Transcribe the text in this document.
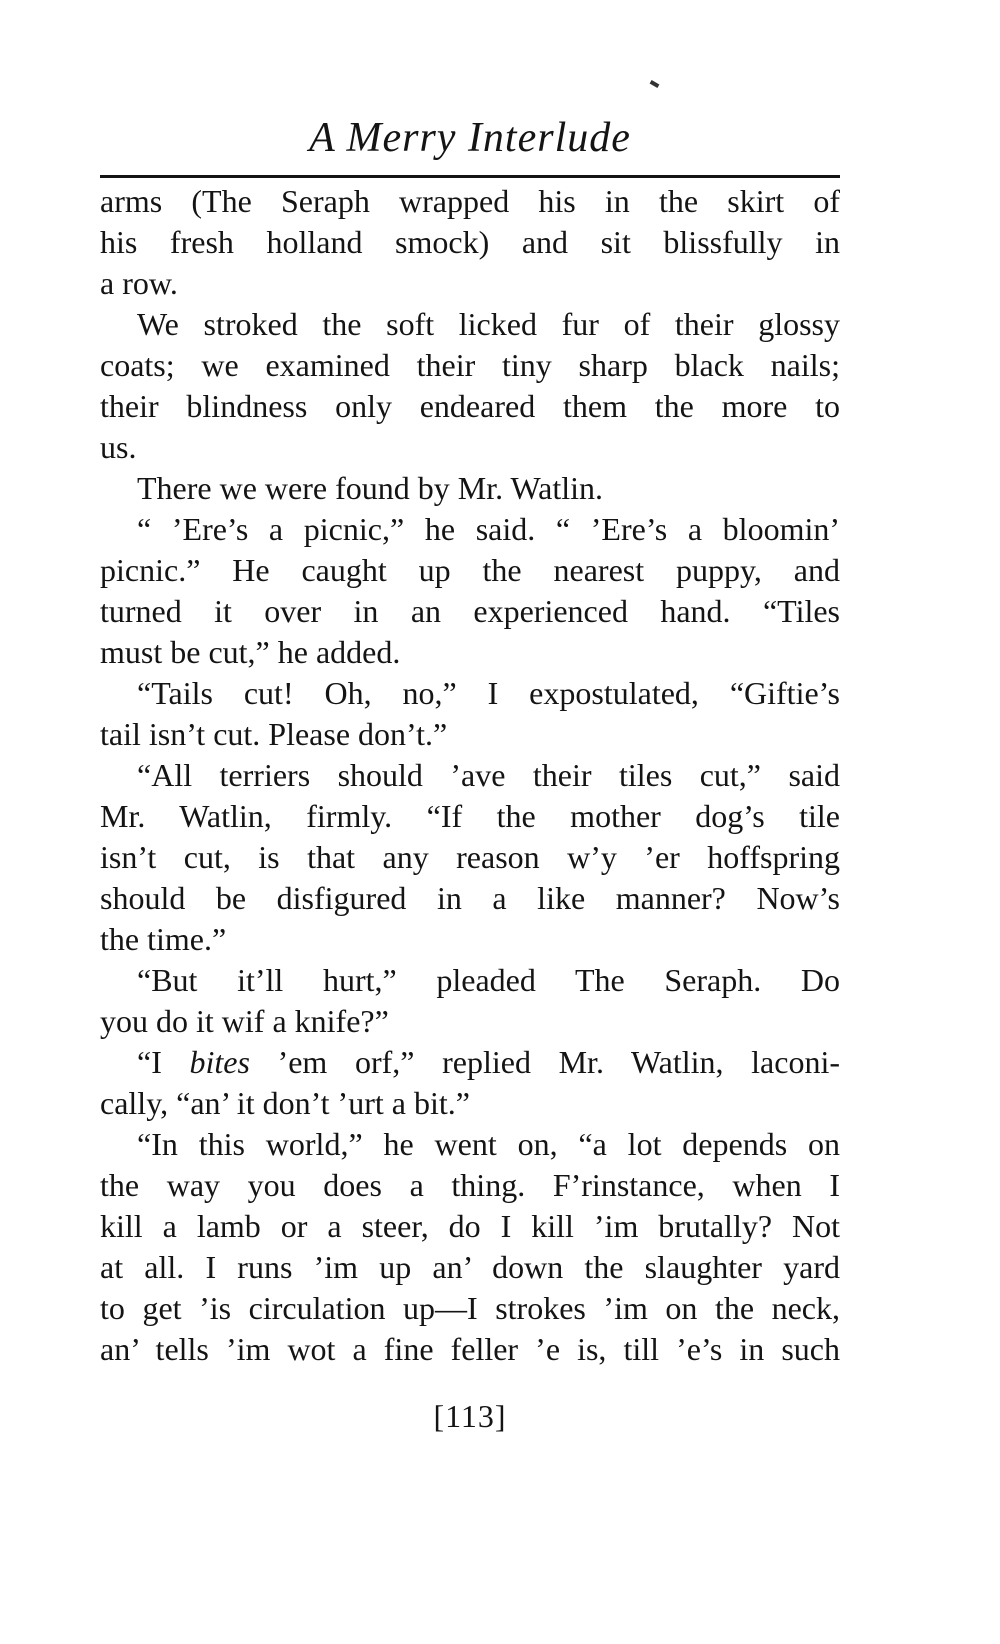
A Merry Interlude
arms (The Seraph wrapped his in the skirt of
his fresh holland smock) and sit blissfully in
a row.
We stroked the soft licked fur of their glossy
coats; we examined their tiny sharp black nails;
their blindness only endeared them the more to
us.
There we were found by Mr. Watlin.
“ ’Ere’s a picnic,” he said. “ ’Ere’s a bloomin’
picnic.” He caught up the nearest puppy, and
turned it over in an experienced hand. “Tiles
must be cut,” he added.
“Tails cut! Oh, no,” I expostulated, “Giftie’s
tail isn’t cut. Please don’t.”
“All terriers should ’ave their tiles cut,” said
Mr. Watlin, firmly. “If the mother dog’s tile
isn’t cut, is that any reason w’y ’er hoffspring
should be disfigured in a like manner? Now’s
the time.”
“But it’ll hurt,” pleaded The Seraph. Do
you do it wif a knife?”
“I bites ’em orf,” replied Mr. Watlin, laconi-
cally, “an’ it don’t ’urt a bit.”
“In this world,” he went on, “a lot depends on
the way you does a thing. F’rinstance, when I
kill a lamb or a steer, do I kill ’im brutally? Not
at all. I runs ’im up an’ down the slaughter yard
to get ’is circulation up—I strokes ’im on the neck,
an’ tells ’im wot a fine feller ’e is, till ’e’s in such
[113]
